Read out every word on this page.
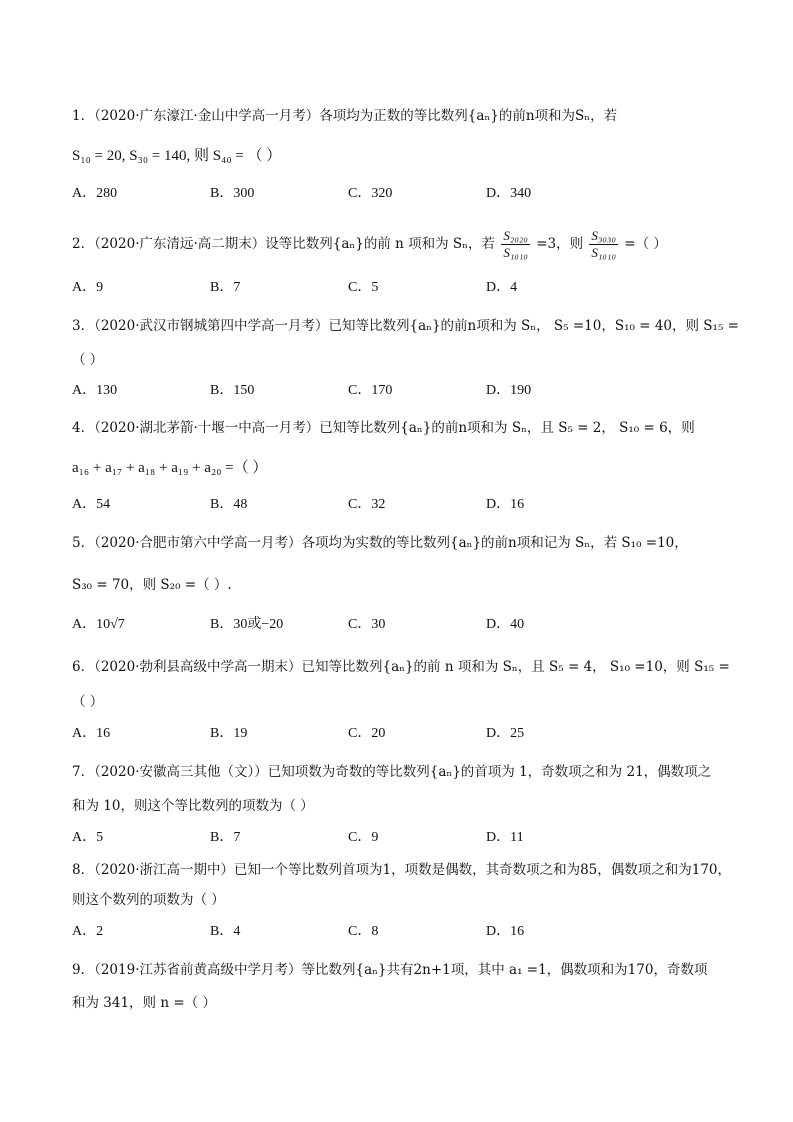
1．（2020·广东濠江·金山中学高一月考）各项均为正数的等比数列{aₙ}的前n项和为Sₙ，若
S₁₀ = 20, S₃₀ = 140, 则 S₄₀ = （ ）
A．280	B．300	C．320	D．340
2．（2020·广东清远·高二期末）设等比数列{aₙ}的前 n 项和为 Sₙ，若 $\frac{\text{S₂₀₂₀}}{\text{S₁₀₁₀}} =3$，则 $\frac{\text{S₃₀₃₀}}{\text{S₁₀₁₀}}$ =（ ）
A．9	B．7	C．5	D．4
3．（2020·武汉市钢城第四中学高一月考）已知等比数列{aₙ}的前n项和为 Sₙ， S₅ =10，S₁₀ = 40，则 S₁₅ =
（ ）
A．130	B．150	C．170	D．190
4．（2020·湖北茅箭·十堰一中高一月考）已知等比数列{aₙ}的前n项和为 Sₙ，且 S₅ = 2， S₁₀ = 6，则
a₁₆ + a₁₇ + a₁₈ + a₁₉ + a₂₀ =（ ）
A．54	B．48	C．32	D．16
5．（2020·合肥市第六中学高一月考）各项均为实数的等比数列{aₙ}的前n项和记为 Sₙ，若 S₁₀ =10，
S₃₀ = 70，则 S₂₀ =（ ）.
A．10√7	B．30或−20	C．30	D．40
6．（2020·勃利县高级中学高一期末）已知等比数列{aₙ}的前 n 项和为 Sₙ，且 S₅ = 4， S₁₀ =10，则 S₁₅ =
（ ）
A．16	B．19	C．20	D．25
7．（2020·安徽高三其他（文））已知项数为奇数的等比数列{aₙ}的首项为 1，奇数项之和为 21，偶数项之
和为 10，则这个等比数列的项数为（ ）
A．5	B．7	C．9	D．11
8．（2020·浙江高一期中）已知一个等比数列首项为1，项数是偶数，其奇数项之和为85，偶数项之和为170，
则这个数列的项数为（ ）
A．2	B．4	C．8	D．16
9．（2019·江苏省前黄高级中学月考）等比数列{aₙ}共有2n+1项，其中 a₁ =1，偶数项和为170，奇数项
和为 341，则 n =（ ）
